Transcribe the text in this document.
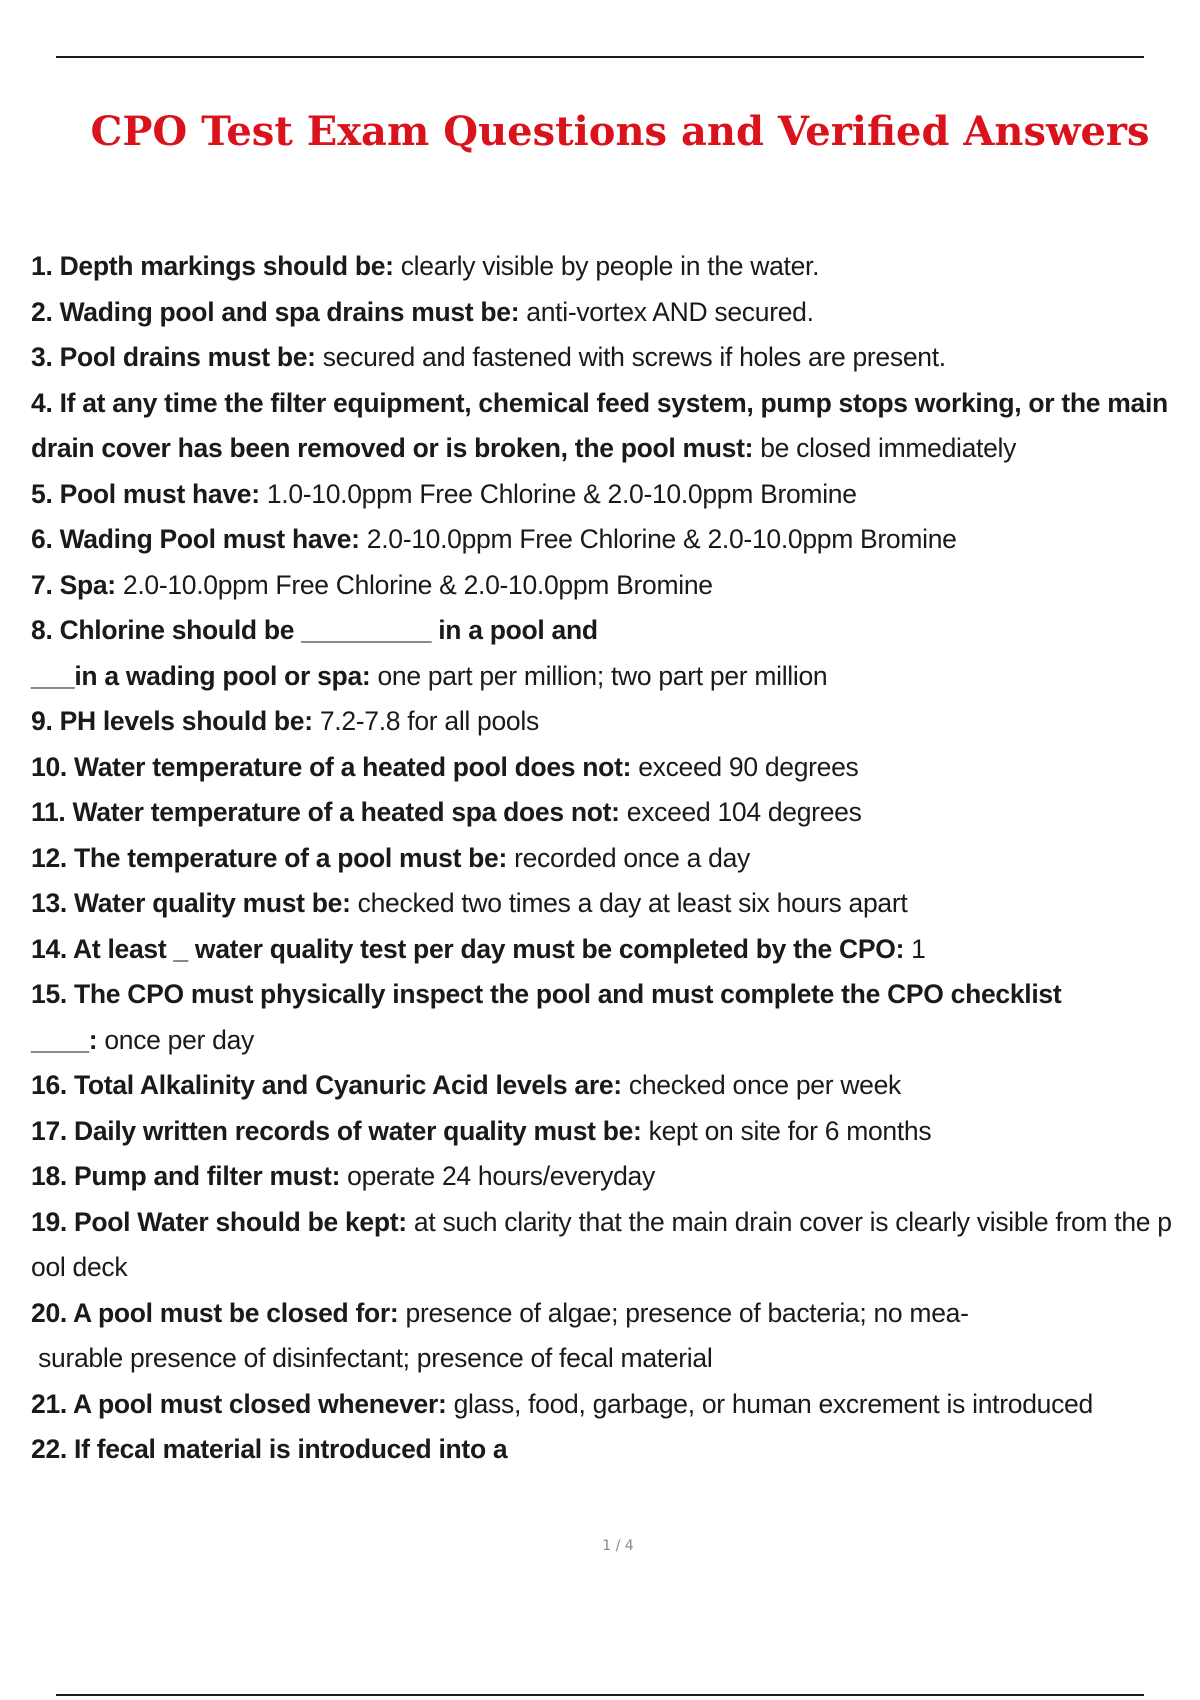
CPO Test Exam Questions and Verified Answers
1. Depth markings should be: clearly visible by people in the water.
2. Wading pool and spa drains must be: anti-vortex AND secured.
3. Pool drains must be: secured and fastened with screws if holes are present.
4. If at any time the filter equipment, chemical feed system, pump stops working, or the main drain cover has been removed or is broken, the pool must: be closed immediately
5. Pool must have: 1.0-10.0ppm Free Chlorine & 2.0-10.0ppm Bromine
6. Wading Pool must have: 2.0-10.0ppm Free Chlorine & 2.0-10.0ppm Bromine
7. Spa: 2.0-10.0ppm Free Chlorine & 2.0-10.0ppm Bromine
8. Chlorine should be _________ in a pool and
___in a wading pool or spa: one part per million; two part per million
9. PH levels should be: 7.2-7.8 for all pools
10. Water temperature of a heated pool does not: exceed 90 degrees
11. Water temperature of a heated spa does not: exceed 104 degrees
12. The temperature of a pool must be: recorded once a day
13. Water quality must be: checked two times a day at least six hours apart
14. At least _ water quality test per day must be completed by the CPO: 1
15. The CPO must physically inspect the pool and must complete the CPO checklist
____: once per day
16. Total Alkalinity and Cyanuric Acid levels are: checked once per week
17. Daily written records of water quality must be: kept on site for 6 months
18. Pump and filter must: operate 24 hours/everyday
19. Pool Water should be kept: at such clarity that the main drain cover is clearly visible from the pool deck
20. A pool must be closed for: presence of algae; presence of bacteria; no mea-
surable presence of disinfectant; presence of fecal material
21. A pool must closed whenever: glass, food, garbage, or human excrement is introduced
22. If fecal material is introduced into a
1 / 4
